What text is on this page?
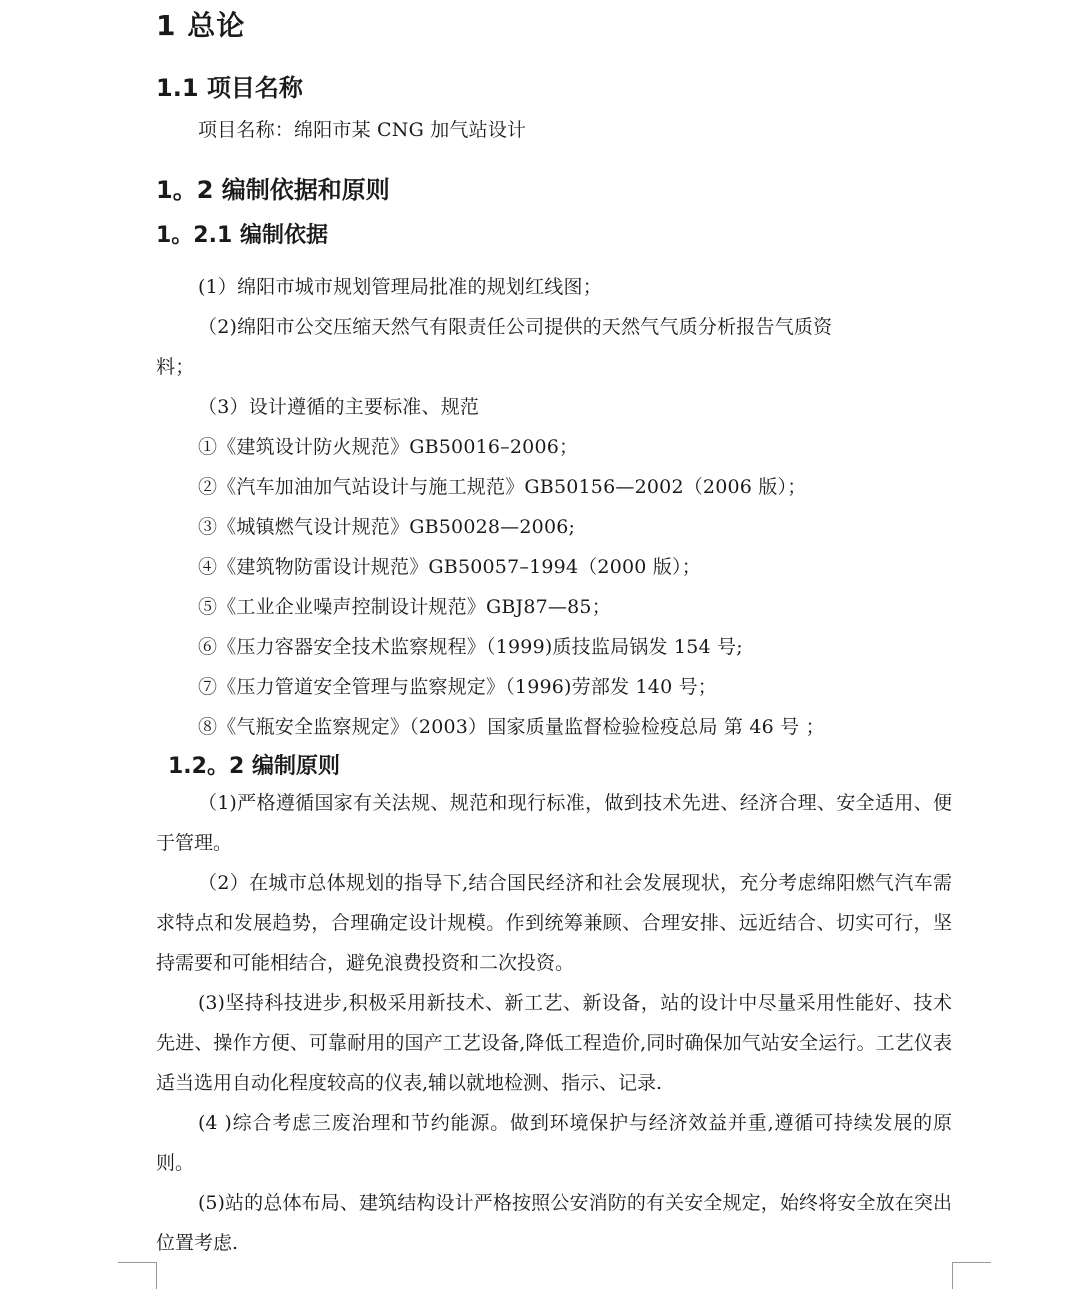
1 总论
1.1 项目名称
项目名称：绵阳市某 CNG 加气站设计
1。2 编制依据和原则
1。2.1 编制依据
(1）绵阳市城市规划管理局批准的规划红线图；
（2)绵阳市公交压缩天然气有限责任公司提供的天然气气质分析报告气质资
料；
（3）设计遵循的主要标准、规范
①《建筑设计防火规范》GB50016–2006；
②《汽车加油加气站设计与施工规范》GB50156—2002（2006 版）；
③《城镇燃气设计规范》GB50028—2006;
④《建筑物防雷设计规范》GB50057–1994（2000 版）；
⑤《工业企业噪声控制设计规范》GBJ87—85；
⑥《压力容器安全技术监察规程》（1999)质技监局锅发 154 号;
⑦《压力管道安全管理与监察规定》（1996)劳部发 140 号；
⑧《气瓶安全监察规定》（2003）国家质量监督检验检疫总局 第 46 号 ；
1.2。2 编制原则
（1)严格遵循国家有关法规、规范和现行标准，做到技术先进、经济合理、安全适用、便于管理。
（2）在城市总体规划的指导下,结合国民经济和社会发展现状，充分考虑绵阳燃气汽车需求特点和发展趋势，合理确定设计规模。作到统筹兼顾、合理安排、远近结合、切实可行，坚持需要和可能相结合，避免浪费投资和二次投资。
(3)坚持科技进步,积极采用新技术、新工艺、新设备，站的设计中尽量采用性能好、技术先进、操作方便、可靠耐用的国产工艺设备,降低工程造价,同时确保加气站安全运行。工艺仪表适当选用自动化程度较高的仪表,辅以就地检测、指示、记录.
(4 )综合考虑三废治理和节约能源。做到环境保护与经济效益并重,遵循可持续发展的原则。
(5)站的总体布局、建筑结构设计严格按照公安消防的有关安全规定，始终将安全放在突出位置考虑.
